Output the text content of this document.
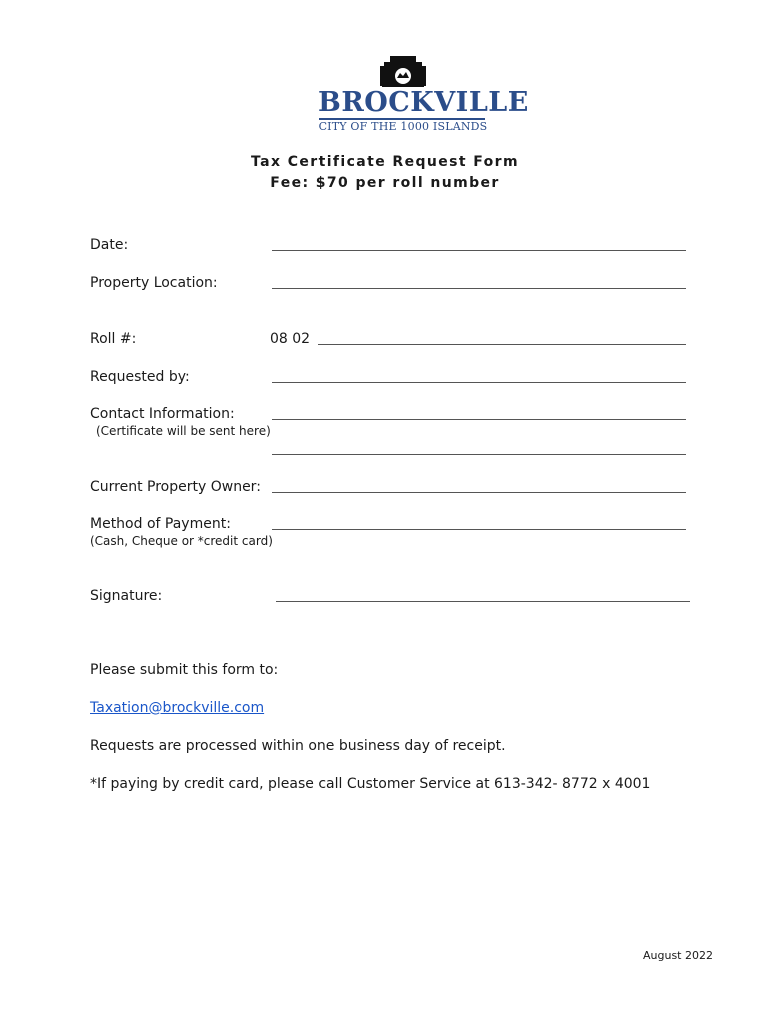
BROCKVILLE
CITY OF THE 1000 ISLANDS
Tax Certificate Request Form
Fee: $70 per roll number
Date:
Property Location:
Roll #:	08 02
Requested by:
Contact Information:
(Certificate will be sent here)
Current Property Owner:
Method of Payment:
(Cash, Cheque or *credit card)
Signature:
Please submit this form to:
Taxation@brockville.com
Requests are processed within one business day of receipt.
*If paying by credit card, please call Customer Service at 613-342- 8772 x 4001
August 2022
